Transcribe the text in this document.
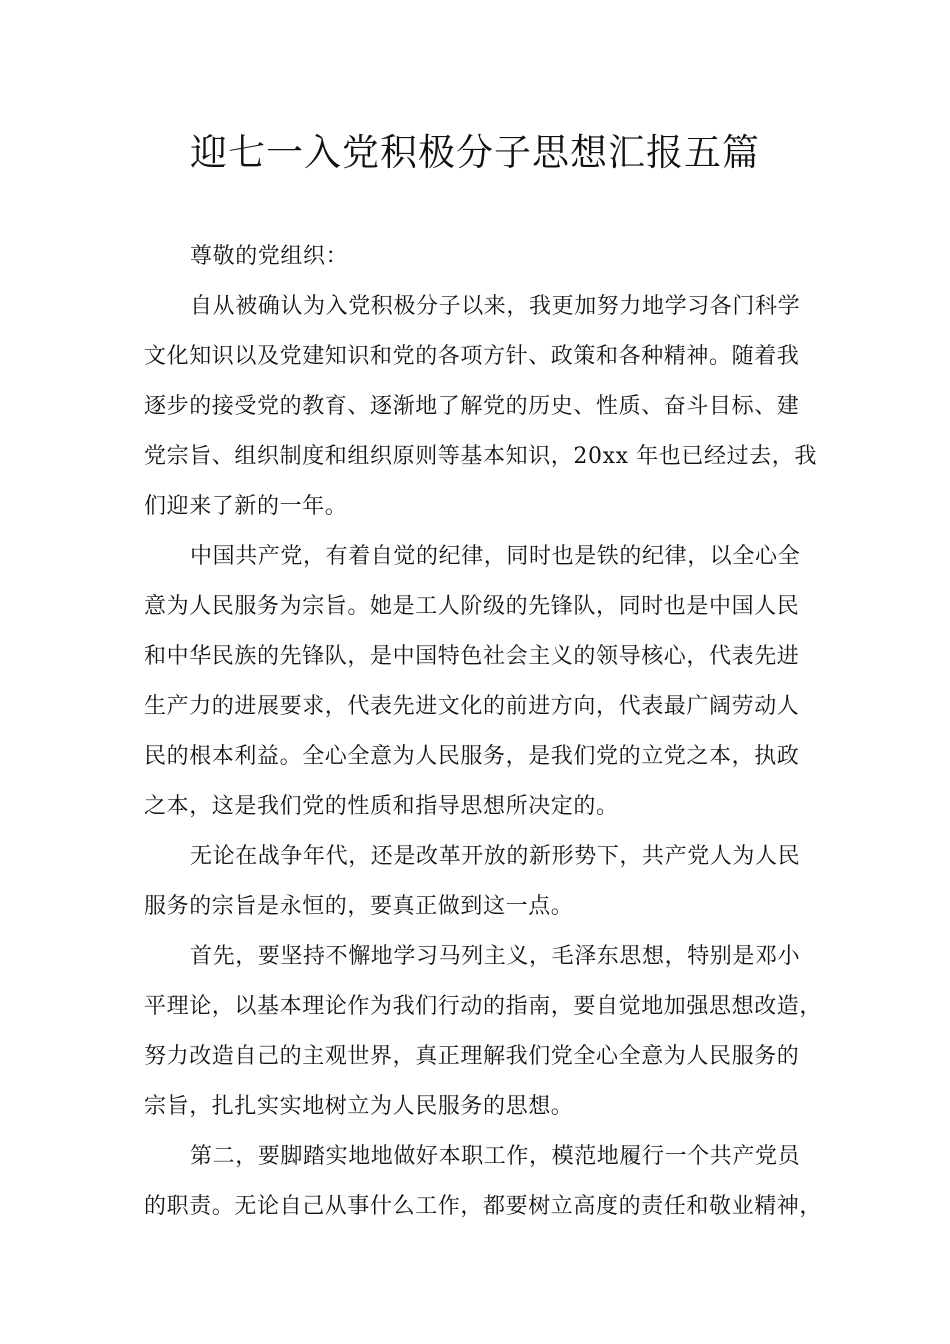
迎七一入党积极分子思想汇报五篇
尊敬的党组织：
自从被确认为入党积极分子以来，我更加努力地学习各门科学
文化知识以及党建知识和党的各项方针、政策和各种精神。随着我
逐步的接受党的教育、逐渐地了解党的历史、性质、奋斗目标、建
党宗旨、组织制度和组织原则等基本知识，20xx 年也已经过去，我
们迎来了新的一年。
中国共产党，有着自觉的纪律，同时也是铁的纪律，以全心全
意为人民服务为宗旨。她是工人阶级的先锋队，同时也是中国人民
和中华民族的先锋队，是中国特色社会主义的领导核心，代表先进
生产力的进展要求，代表先进文化的前进方向，代表最广阔劳动人
民的根本利益。全心全意为人民服务，是我们党的立党之本，执政
之本，这是我们党的性质和指导思想所决定的。
无论在战争年代，还是改革开放的新形势下，共产党人为人民
服务的宗旨是永恒的，要真正做到这一点。
首先，要坚持不懈地学习马列主义，毛泽东思想，特别是邓小
平理论，以基本理论作为我们行动的指南，要自觉地加强思想改造，
努力改造自己的主观世界，真正理解我们党全心全意为人民服务的
宗旨，扎扎实实地树立为人民服务的思想。
第二，要脚踏实地地做好本职工作，模范地履行一个共产党员
的职责。无论自己从事什么工作，都要树立高度的责任和敬业精神，
